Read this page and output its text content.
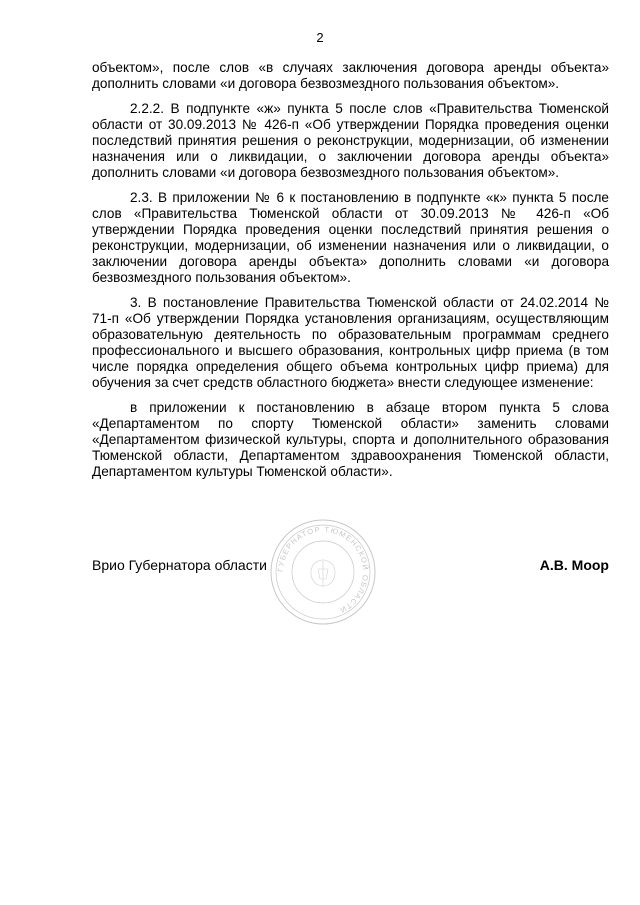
2

объектом», после слов «в случаях заключения договора аренды объекта» дополнить словами «и договора безвозмездного пользования объектом».

2.2.2. В подпункте «ж» пункта 5 после слов «Правительства Тюменской области от 30.09.2013 № 426-п «Об утверждении Порядка проведения оценки последствий принятия решения о реконструкции, модернизации, об изменении назначения или о ликвидации, о заключении договора аренды объекта» дополнить словами «и договора безвозмездного пользования объектом».

2.3. В приложении № 6 к постановлению в подпункте «к» пункта 5 после слов «Правительства Тюменской области от 30.09.2013 № 426-п «Об утверждении Порядка проведения оценки последствий принятия решения о реконструкции, модернизации, об изменении назначения или о ликвидации, о заключении договора аренды объекта» дополнить словами «и договора безвозмездного пользования объектом».

3. В постановление Правительства Тюменской области от 24.02.2014 № 71-п «Об утверждении Порядка установления организациям, осуществляющим образовательную деятельность по образовательным программам среднего профессионального и высшего образования, контрольных цифр приема (в том числе порядка определения общего объема контрольных цифр приема) для обучения за счет средств областного бюджета» внести следующее изменение:

в приложении к постановлению в абзаце втором пункта 5 слова «Департаментом по спорту Тюменской области» заменить словами «Департаментом физической культуры, спорта и дополнительного образования Тюменской области, Департаментом здравоохранения Тюменской области, Департаментом культуры Тюменской области».

ГУБЕРНАТОР ТЮМЕНСКОЙ ОБЛАСТИ
Врио Губернатора области	А.В. Моор
